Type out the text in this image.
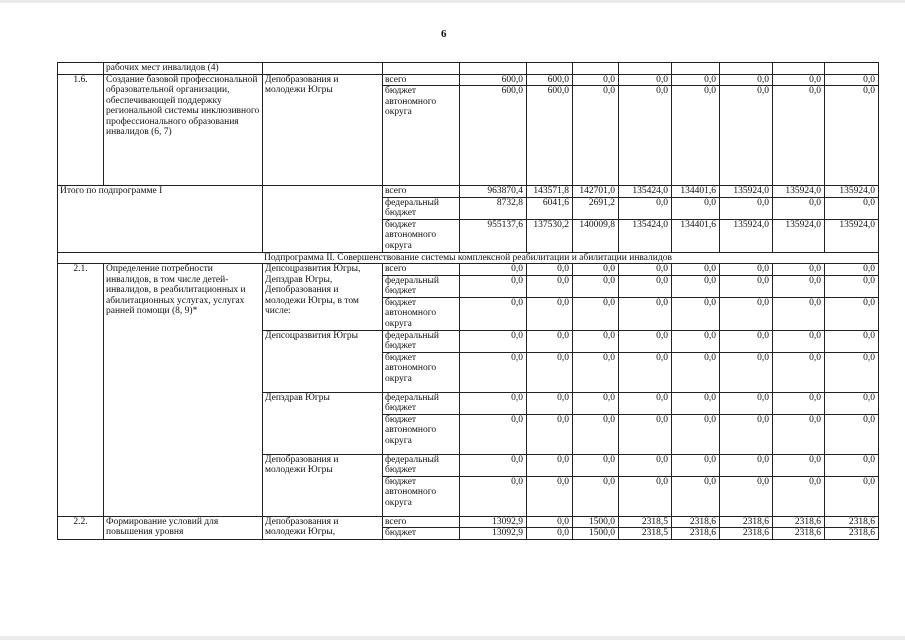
6
	рабочих мест инвалидов (4)										
1.6.	Создание базовой профессиональной образовательной организации, обеспечивающей поддержку региональной системы инклюзивного профессионального образования инвалидов (6, 7)	Депобразования и молодежи Югры	всего	600,0	600,0	0,0	0,0	0,0	0,0	0,0	0,0
			бюджет автономного округа	600,0	600,0	0,0	0,0	0,0	0,0	0,0	0,0
Итого по подпрограмме I			всего	963870,4	143571,8	142701,0	135424,0	134401,6	135924,0	135924,0	135924,0
			федеральный бюджет	8732,8	6041,6	2691,2	0,0	0,0	0,0	0,0	0,0
			бюджет автономного округа	955137,6	137530,2	140009,8	135424,0	134401,6	135924,0	135924,0	135924,0
Подпрограмма II. Совершенствование системы комплексной реабилитации и абилитации инвалидов											
2.1.	Определение потребности инвалидов, в том числе детей-инвалидов, в реабилитационных и абилитационных услугах, услугах ранней помощи (8, 9)*	Депсоцразвития Югры, Депздрав Югры, Депобразования и молодежи Югры, в том числе:	всего	0,0	0,0	0,0	0,0	0,0	0,0	0,0	0,0
			федеральный бюджет	0,0	0,0	0,0	0,0	0,0	0,0	0,0	0,0
			бюджет автономного округа	0,0	0,0	0,0	0,0	0,0	0,0	0,0	0,0
		Депсоцразвития Югры	федеральный бюджет	0,0	0,0	0,0	0,0	0,0	0,0	0,0	0,0
			бюджет автономного округа	0,0	0,0	0,0	0,0	0,0	0,0	0,0	0,0
		Депздрав Югры	федеральный бюджет	0,0	0,0	0,0	0,0	0,0	0,0	0,0	0,0
			бюджет автономного округа	0,0	0,0	0,0	0,0	0,0	0,0	0,0	0,0
		Депобразования и молодежи Югры	федеральный бюджет	0,0	0,0	0,0	0,0	0,0	0,0	0,0	0,0
			бюджет автономного округа	0,0	0,0	0,0	0,0	0,0	0,0	0,0	0,0
2.2.	Формирование условий для повышения уровня	Депобразования и молодежи Югры,	всего	13092,9	0,0	1500,0	2318,5	2318,6	2318,6	2318,6	2318,6
			бюджет	13092,9	0,0	1500,0	2318,5	2318,6	2318,6	2318,6	2318,6
